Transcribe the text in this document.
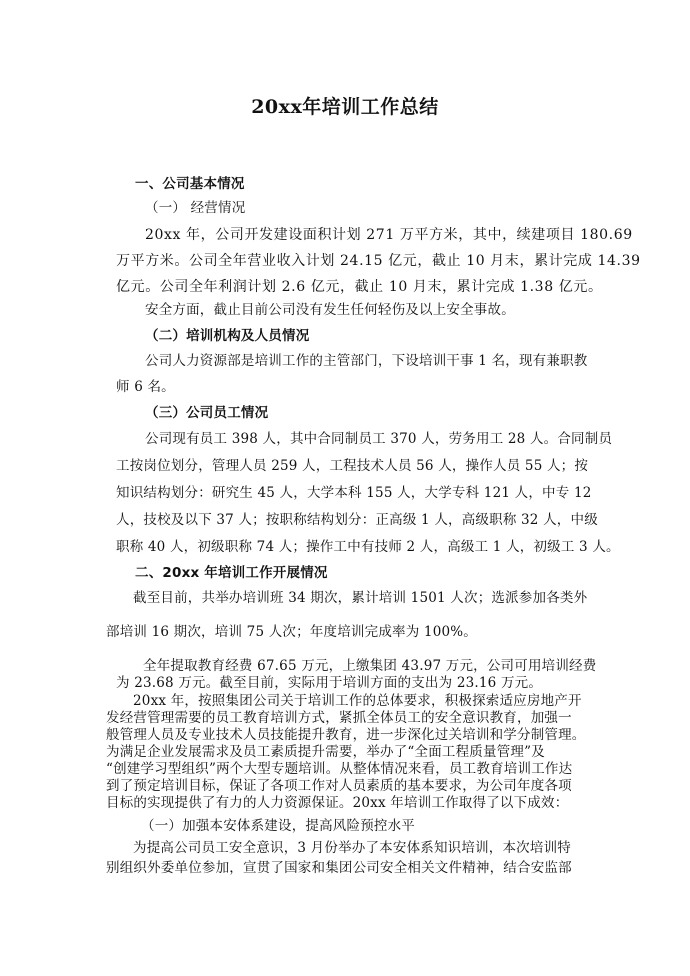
20xx年培训工作总结

一、公司基本情况

（一） 经营情况

20xx 年，公司开发建设面积计划 271 万平方米，其中，续建项目 180.69

万平方米。公司全年营业收入计划 24.15 亿元，截止 10 月末，累计完成 14.39

亿元。公司全年利润计划 2.6 亿元，截止 10 月末，累计完成 1.38 亿元。

安全方面，截止目前公司没有发生任何轻伤及以上安全事故。

（二）培训机构及人员情况

公司人力资源部是培训工作的主管部门，下设培训干事 1 名，现有兼职教

师 6 名。

（三）公司员工情况

公司现有员工 398 人，其中合同制员工 370 人，劳务用工 28 人。合同制员

工按岗位划分，管理人员 259 人，工程技术人员 56 人，操作人员 55 人；按

知识结构划分：研究生 45 人，大学本科 155 人，大学专科 121 人，中专 12

人，技校及以下 37 人；按职称结构划分：正高级 1 人，高级职称 32 人，中级

职称 40 人，初级职称 74 人；操作工中有技师 2 人，高级工 1 人，初级工 3 人。

二、20xx 年培训工作开展情况

截至目前，共举办培训班 34 期次，累计培训 1501 人次；选派参加各类外

部培训 16 期次，培训 75 人次；年度培训完成率为 100%。

全年提取教育经费 67.65 万元，上缴集团 43.97 万元，公司可用培训经费

为 23.68 万元。截至目前，实际用于培训方面的支出为 23.16 万元。

20xx 年，按照集团公司关于培训工作的总体要求，积极探索适应房地产开

发经营管理需要的员工教育培训方式，紧抓全体员工的安全意识教育，加强一

般管理人员及专业技术人员技能提升教育，进一步深化过关培训和学分制管理。

为满足企业发展需求及员工素质提升需要，举办了“全面工程质量管理”及

“创建学习型组织”两个大型专题培训。从整体情况来看，员工教育培训工作达

到了预定培训目标，保证了各项工作对人员素质的基本要求，为公司年度各项

目标的实现提供了有力的人力资源保证。20xx 年培训工作取得了以下成效：

（一）加强本安体系建设，提高风险预控水平

为提高公司员工安全意识，3 月份举办了本安体系知识培训，本次培训特

别组织外委单位参加，宣贯了国家和集团公司安全相关文件精神，结合安监部
